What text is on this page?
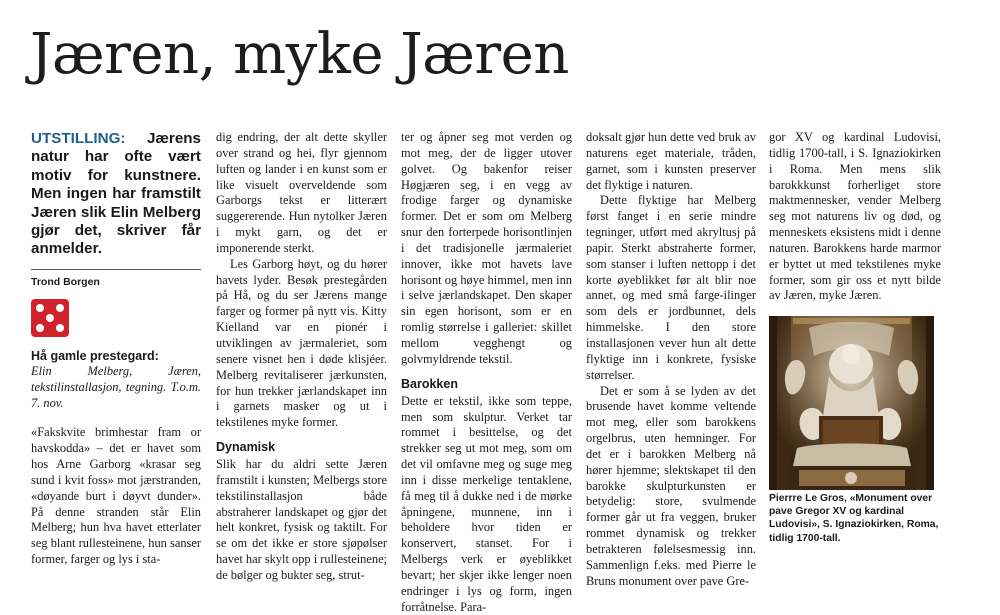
Jæren, myke Jæren
UTSTILLING: Jærens natur har ofte vært motiv for kunstnere. Men ingen har framstilt Jæren slik Elin Melberg gjør det, skriver får anmelder.
Trond Borgen
Hå gamle prestegard:

Elin Melberg, Jæren, tekstilinstallasjon, tegning. T.o.m. 7. nov.

«Fakskvite brimhestar fram or havskodda» – det er havet som hos Arne Garborg «krasar seg sund i kvit foss» mot jærstranden, «døyande burt i døyvt dunder». På denne stranden står Elin Melberg; hun hva havet etterlater seg blant rullesteinene, hun sanser former, farger og lys i sta-

dig endring, der alt dette skyller over strand og hei, flyr gjennom luften og lander i en kunst som er like visuelt overveldende som Garborgs tekst er litterært suggererende. Hun nytolker Jæren i mykt garn, og det er imponerende sterkt.

Les Garborg høyt, og du hører havets lyder. Besøk prestegården på Hå, og du ser Jærens mange farger og former på nytt vis. Kitty Kielland var en pionér i utviklingen av jærmaleriet, som senere visnet hen i døde klisjéer. Melberg revitaliserer jærkunsten, for hun trekker jærlandskapet inn i garnets masker og ut i tekstilenes myke former.

Dynamisk

Slik har du aldri sette Jæren framstilt i kunsten; Melbergs store tekstilinstallasjon både abstraherer landskapet og gjør det helt konkret, fysisk og taktilt. For se om det ikke er store sjøpølser havet har skylt opp i rullesteinene; de bølger og bukter seg, strut-

ter og åpner seg mot verden og mot meg, der de ligger utover golvet. Og bakenfor reiser Høgjæren seg, i en vegg av frodige farger og dynamiske former. Det er som om Melberg snur den forterpede horisontlinjen i det tradisjonelle jærmaleriet innover, ikke mot havets lave horisont og høye himmel, men inn i selve jærlandskapet. Den skaper sin egen horisont, som er en romlig størrelse i galleriet: skillet mellom vegghengt og golvmyldrende tekstil.

Barokken

Dette er tekstil, ikke som teppe, men som skulptur. Verket tar rommet i besittelse, og det strekker seg ut mot meg, som om det vil omfavne meg og suge meg inn i disse merkelige tentaklene, få meg til å dukke ned i de mørke åpningene, munnene, inn i beholdere hvor tiden er konservert, stanset. For i Melbergs verk er øyeblikket bevart; her skjer ikke lenger noen endringer i lys og form, ingen forråtnelse. Para-

doksalt gjør hun dette ved bruk av naturens eget materiale, tråden, garnet, som i kunsten preserver det flyktige i naturen.

Dette flyktige har Melberg først fanget i en serie mindre tegninger, utført med akryltusj på papir. Sterkt abstraherte former, som stanser i luften nettopp i det korte øyeblikket før alt blir noe annet, og med små farge-ilinger som dels er jordbunnet, dels himmelske. I den store installasjonen vever hun alt dette flyktige inn i konkrete, fysiske størrelser.

Det er som å se lyden av det brusende havet komme veltende mot meg, eller som barokkens orgelbrus, uten hemninger. For det er i barokken Melberg nå hører hjemme; slektskapet til den barokke skulpturkunsten er betydelig: store, svulmende former går ut fra veggen, bruker rommet dynamisk og trekker betrakteren følelsesmessig inn. Sammenlign f.eks. med Pierre le Bruns monument over pave Gre-

gor XV og kardinal Ludovisi, tidlig 1700-tall, i S. Ignaziokirken i Roma. Men mens slik barokkkunst forherliget store maktmennesker, vender Melberg seg mot naturens liv og død, og menneskets eksistens midt i denne naturen. Barokkens harde marmor er byttet ut med tekstilenes myke former, som gir oss et nytt bilde av Jæren, myke Jæren.

Pierrre Le Gros, «Monument over pave Gregor XV og kardinal Ludovisi», S. Ignaziokirken, Roma, tidlig 1700-tall.
